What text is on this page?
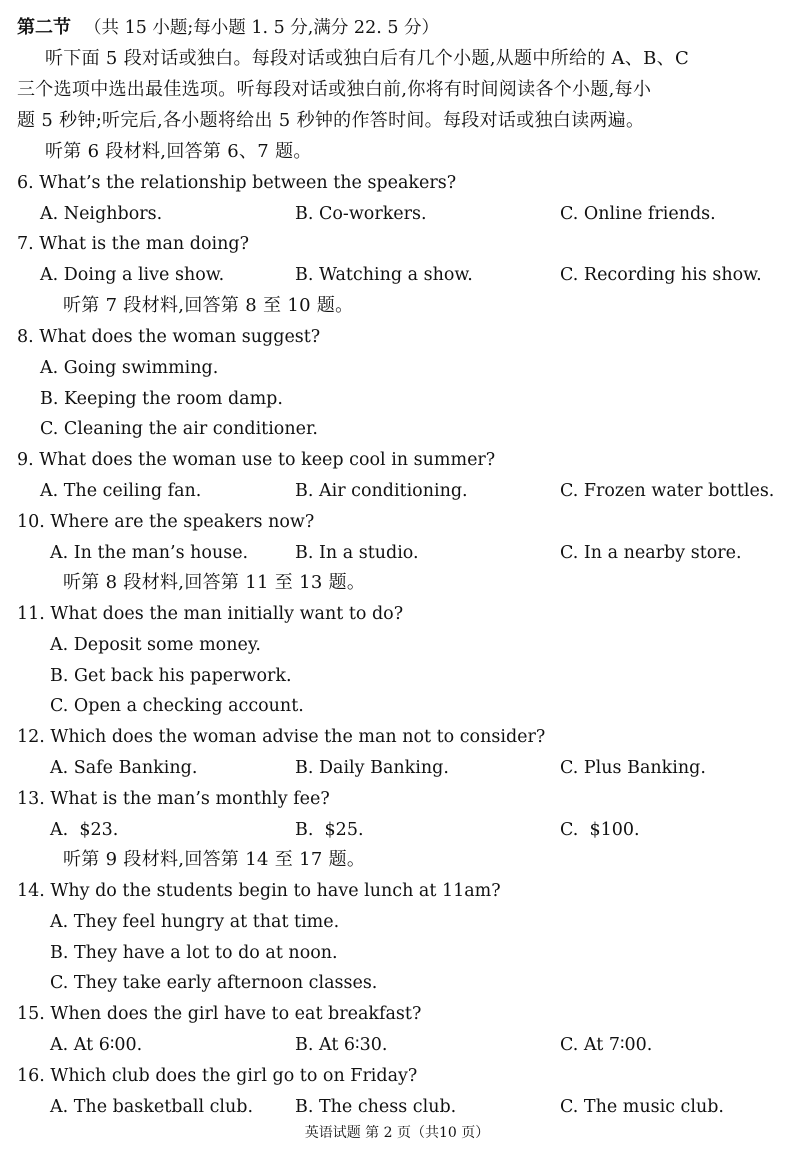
第二节 （共 15 小题;每小题 1. 5 分,满分 22. 5 分）
听下面 5 段对话或独白。每段对话或独白后有几个小题,从题中所给的 A、B、C
三个选项中选出最佳选项。听每段对话或独白前,你将有时间阅读各个小题,每小
题 5 秒钟;听完后,各小题将给出 5 秒钟的作答时间。每段对话或独白读两遍。
听第 6 段材料,回答第 6、7 题。
6. What’s the relationship between the speakers?
A. Neighbors.	B. Co-workers.	C. Online friends.
7. What is the man doing?
A. Doing a live show.	B. Watching a show.	C. Recording his show.
听第 7 段材料,回答第 8 至 10 题。
8. What does the woman suggest?
A. Going swimming.
B. Keeping the room damp.
C. Cleaning the air conditioner.
9. What does the woman use to keep cool in summer?
A. The ceiling fan.	B. Air conditioning.	C. Frozen water bottles.
10. Where are the speakers now?
A. In the man’s house.	B. In a studio.	C. In a nearby store.
听第 8 段材料,回答第 11 至 13 题。
11. What does the man initially want to do?
A. Deposit some money.
B. Get back his paperwork.
C. Open a checking account.
12. Which does the woman advise the man not to consider?
A. Safe Banking.	B. Daily Banking.	C. Plus Banking.
13. What is the man’s monthly fee?
A.  $23.	B.  $25.	C.  $100.
听第 9 段材料,回答第 14 至 17 题。
14. Why do the students begin to have lunch at 11am?
A. They feel hungry at that time.
B. They have a lot to do at noon.
C. They take early afternoon classes.
15. When does the girl have to eat breakfast?
A. At 6∶00.	B. At 6∶30.	C. At 7∶00.
16. Which club does the girl go to on Friday?
A. The basketball club. B. The chess club.	C. The music club.
英语试题 第 2 页（共10 页）
